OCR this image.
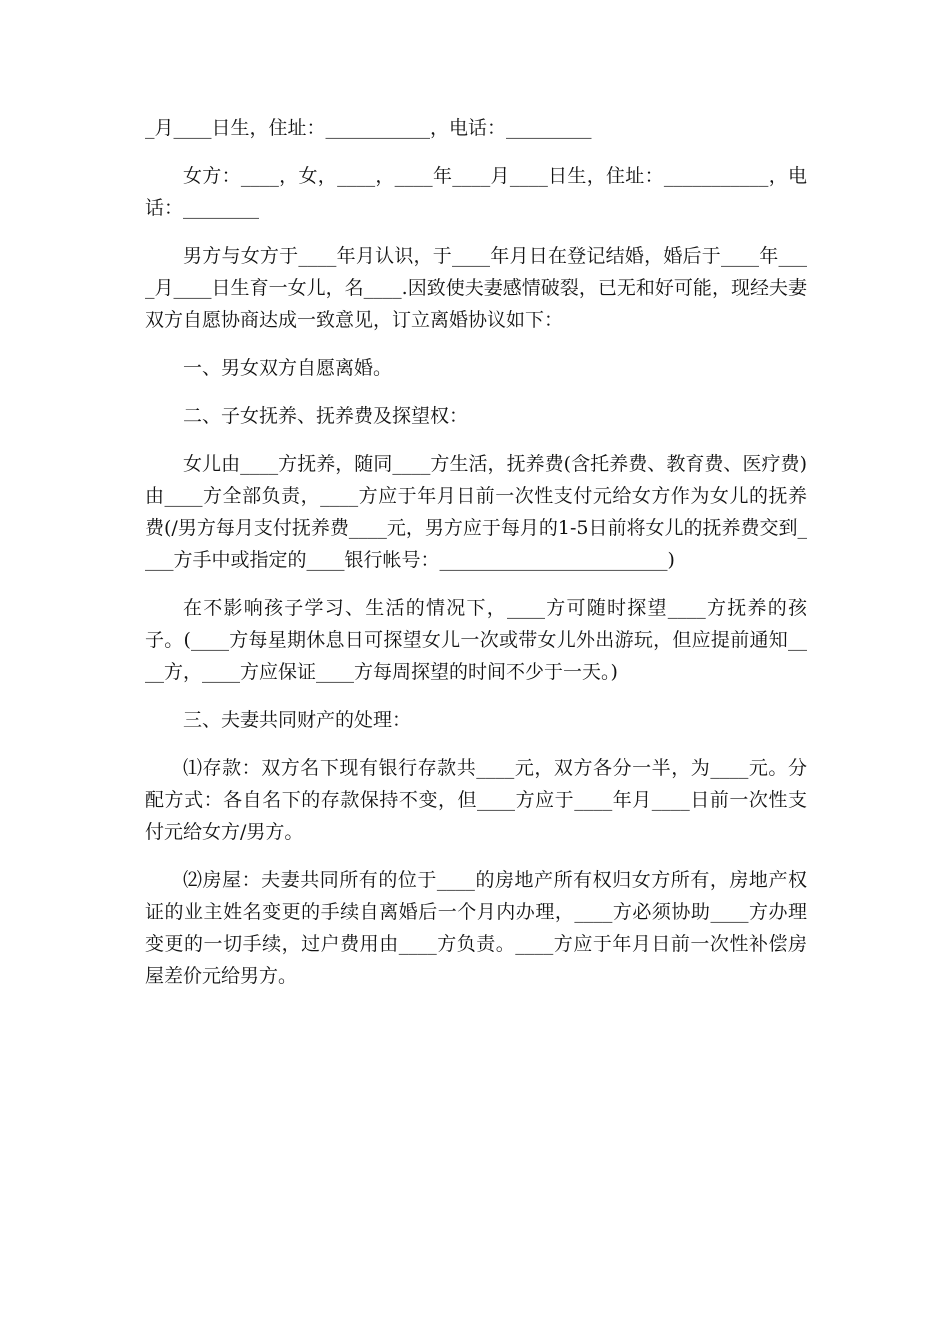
_月____日生，住址：___________，电话：_________

女方：____，女，____，____年____月____日生，住址：___________，电话：________

男方与女方于____年月认识，于____年月日在登记结婚，婚后于____年____月____日生育一女儿，名____.因致使夫妻感情破裂，已无和好可能，现经夫妻双方自愿协商达成一致意见，订立离婚协议如下：

一、男女双方自愿离婚。

二、子女抚养、抚养费及探望权：

女儿由____方抚养，随同____方生活，抚养费(含托养费、教育费、医疗费)由____方全部负责，____方应于年月日前一次性支付元给女方作为女儿的抚养费(/男方每月支付抚养费____元，男方应于每月的1-5日前将女儿的抚养费交到____方手中或指定的____银行帐号：________________________)

在不影响孩子学习、生活的情况下，____方可随时探望____方抚养的孩子。(____方每星期休息日可探望女儿一次或带女儿外出游玩，但应提前通知____方，____方应保证____方每周探望的时间不少于一天。)

三、夫妻共同财产的处理：

⑴存款：双方名下现有银行存款共____元，双方各分一半，为____元。分配方式：各自名下的存款保持不变，但____方应于____年月____日前一次性支付元给女方/男方。

⑵房屋：夫妻共同所有的位于____的房地产所有权归女方所有，房地产权证的业主姓名变更的手续自离婚后一个月内办理，____方必须协助____方办理变更的一切手续，过户费用由____方负责。____方应于年月日前一次性补偿房屋差价元给男方。
